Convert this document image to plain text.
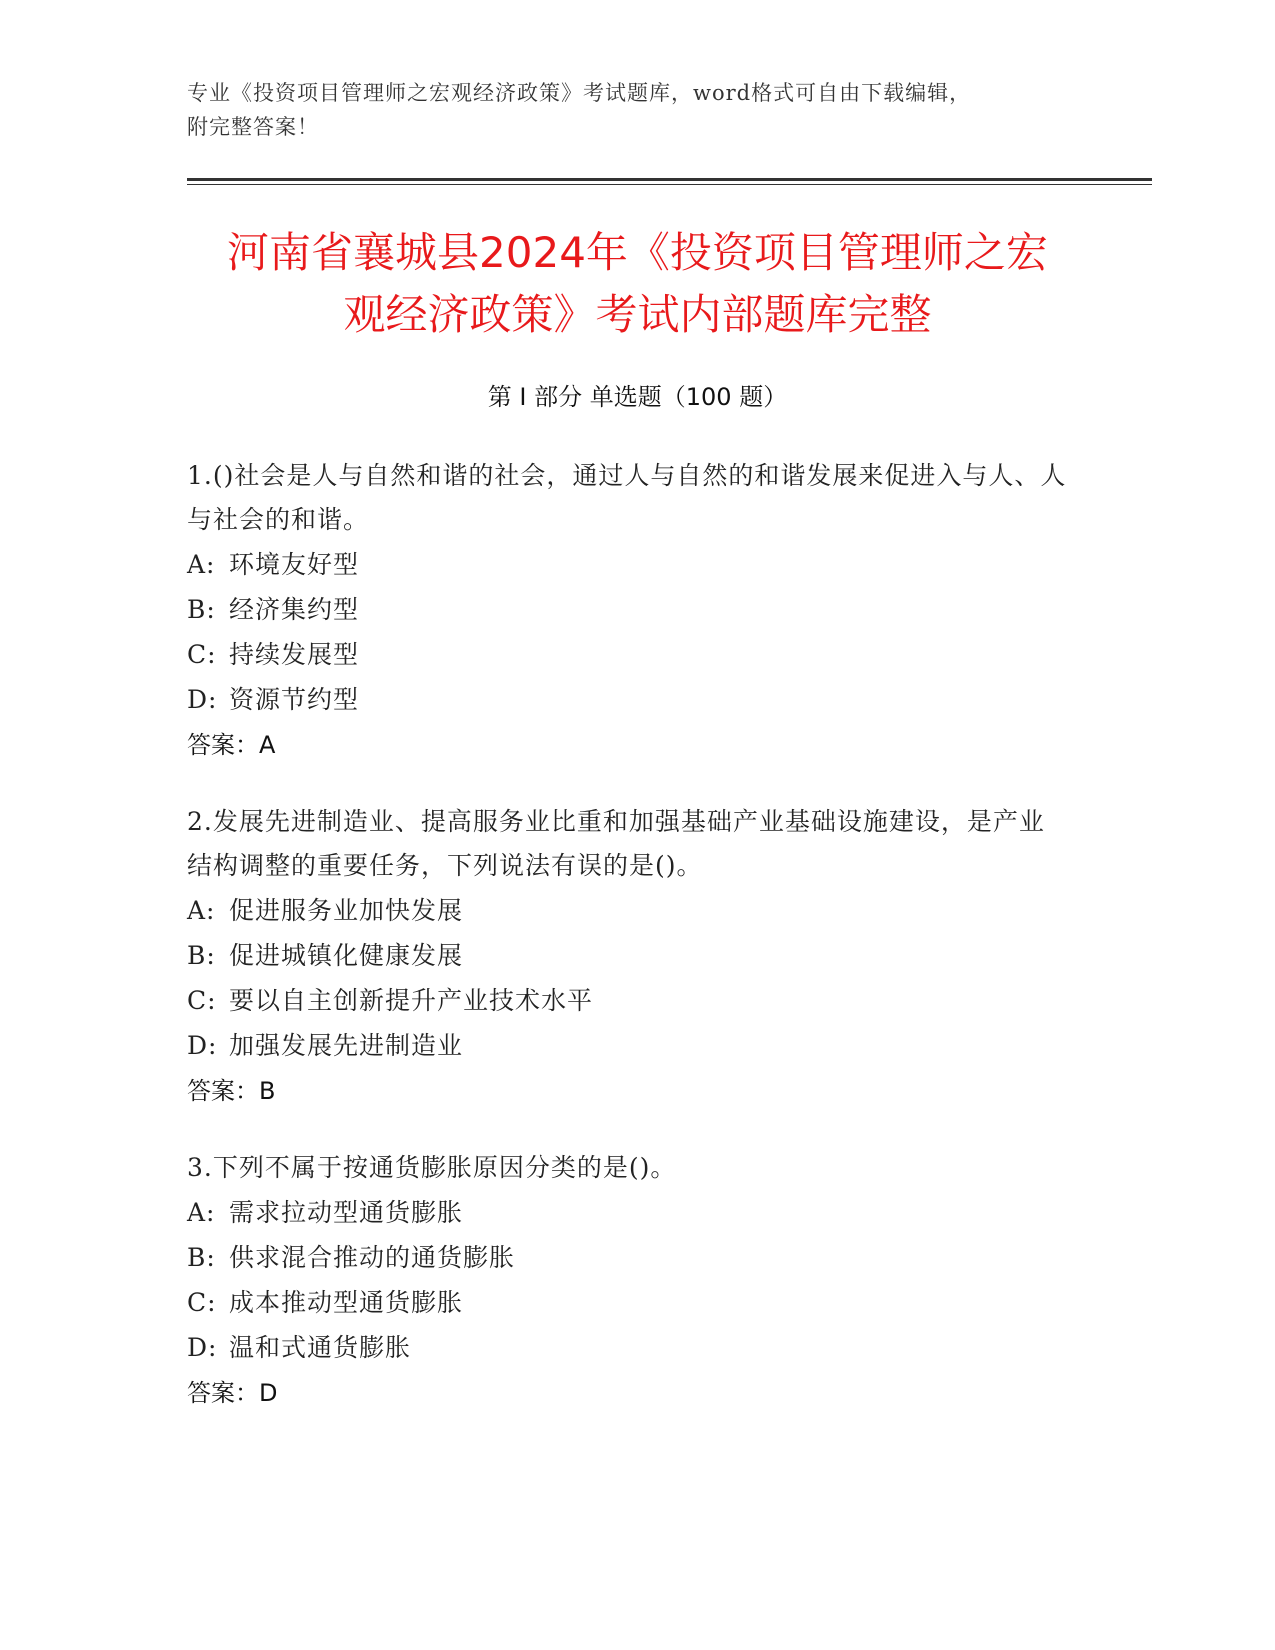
专业《投资项目管理师之宏观经济政策》考试题库，word格式可自由下载编辑，
附完整答案！
河南省襄城县2024年《投资项目管理师之宏
观经济政策》考试内部题库完整
第 I 部分 单选题（100 题）

1.()社会是人与自然和谐的社会，通过人与自然的和谐发展来促进入与人、人与社会的和谐。

A: 环境友好型

B: 经济集约型

C: 持续发展型

D: 资源节约型

答案：A

2.发展先进制造业、提高服务业比重和加强基础产业基础设施建设，是产业结构调整的重要任务，下列说法有误的是()。

A: 促进服务业加快发展

B: 促进城镇化健康发展

C: 要以自主创新提升产业技术水平

D: 加强发展先进制造业

答案：B

3.下列不属于按通货膨胀原因分类的是()。

A: 需求拉动型通货膨胀

B: 供求混合推动的通货膨胀

C: 成本推动型通货膨胀

D: 温和式通货膨胀

答案：D
